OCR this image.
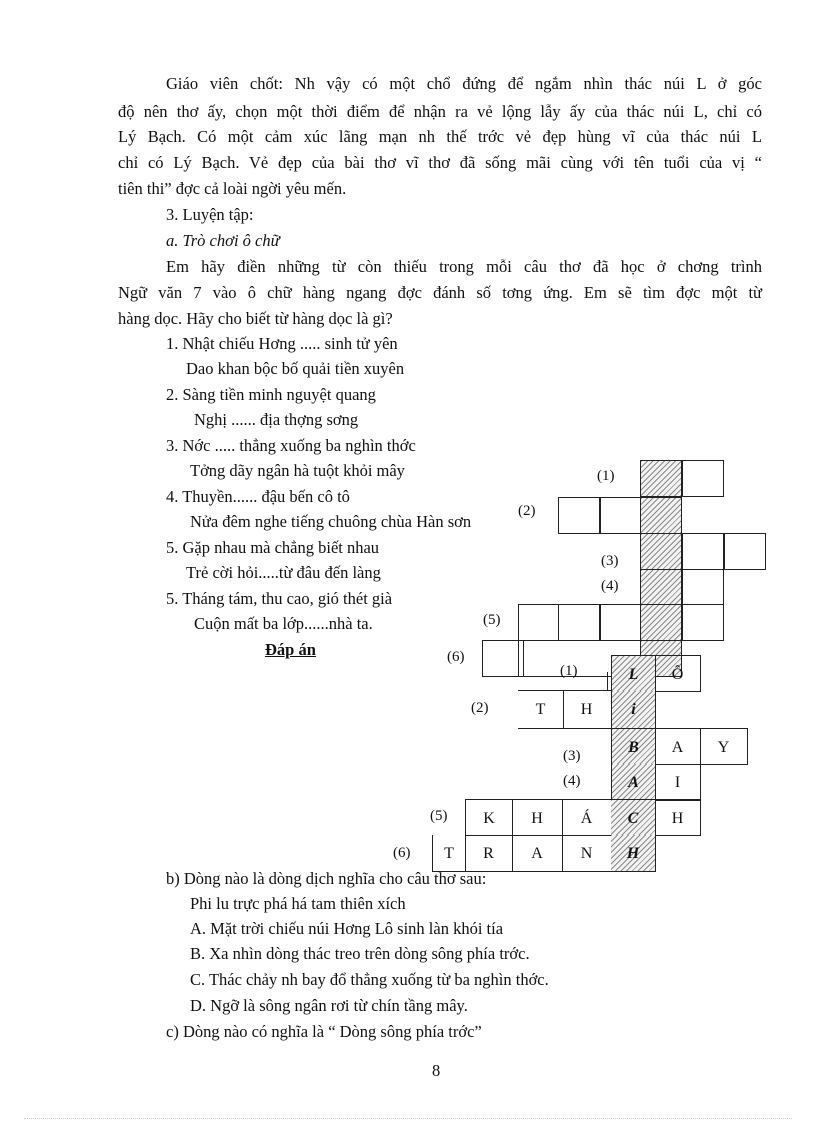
Giáo viên chốt: Nh vậy có một chổ đứng để ngắm nhìn thác núi L ở góc
độ nên thơ ấy, chọn một thời điểm để nhận ra vẻ lộng lẫy ấy của thác núi L, chỉ có
Lý Bạch. Có một cảm xúc lãng mạn nh thế trớc vẻ đẹp hùng vĩ của thác núi L
chỉ có Lý Bạch. Vẻ đẹp của bài thơ vĩ thơ đã sống mãi cùng với tên tuổi của vị “
tiên thi” đợc cả loài ngời yêu mến.
3. Luyện tập:
a. Trò chơi ô chữ
Em hãy điền những từ còn thiếu trong mỗi câu thơ đã học ở chơng trình
Ngữ văn 7 vào ô chữ hàng ngang đợc đánh số tơng ứng. Em sẽ tìm đợc một từ
hàng dọc. Hãy cho biết từ hàng dọc là gì?
1. Nhật chiếu Hơng ..... sinh tử yên
Dao khan bộc bố quải tiền xuyên
2. Sàng tiền minh nguyệt quang
Nghị ...... địa thợng sơng
3. Nớc ..... thẳng xuống ba nghìn thớc
Tởng dãy ngân hà tuột khỏi mây
4. Thuyền...... đậu bến cô tô
Nửa đêm nghe tiếng chuông chùa Hàn sơn
5. Gặp nhau mà chẳng biết nhau
Trẻ cời hỏi.....từ đâu đến làng
5. Tháng tám, thu cao, gió thét già
Cuộn mất ba lớp......nhà ta.
Đáp án
(1)
(2)
(3)
(4)
(5)
(6)
(1)	L	Ô
(2)	T	H	i
(3)	B	A	Y
(4)	A	I
(5)	K	H	Á	C	H
(6)	T	R	A	N	H
b) Dòng nào là dòng dịch nghĩa cho câu thơ sau:
Phi lu trực phá há tam thiên xích
A. Mặt trời chiếu núi Hơng Lô sinh làn khói tía
B. Xa nhìn dòng thác treo trên dòng sông phía trớc.
C. Thác chảy nh bay đổ thẳng xuống từ ba nghìn thớc.
D. Ngỡ là sông ngân rơi từ chín tầng mây.
c) Dòng nào có nghĩa là “ Dòng sông phía trớc”
8
